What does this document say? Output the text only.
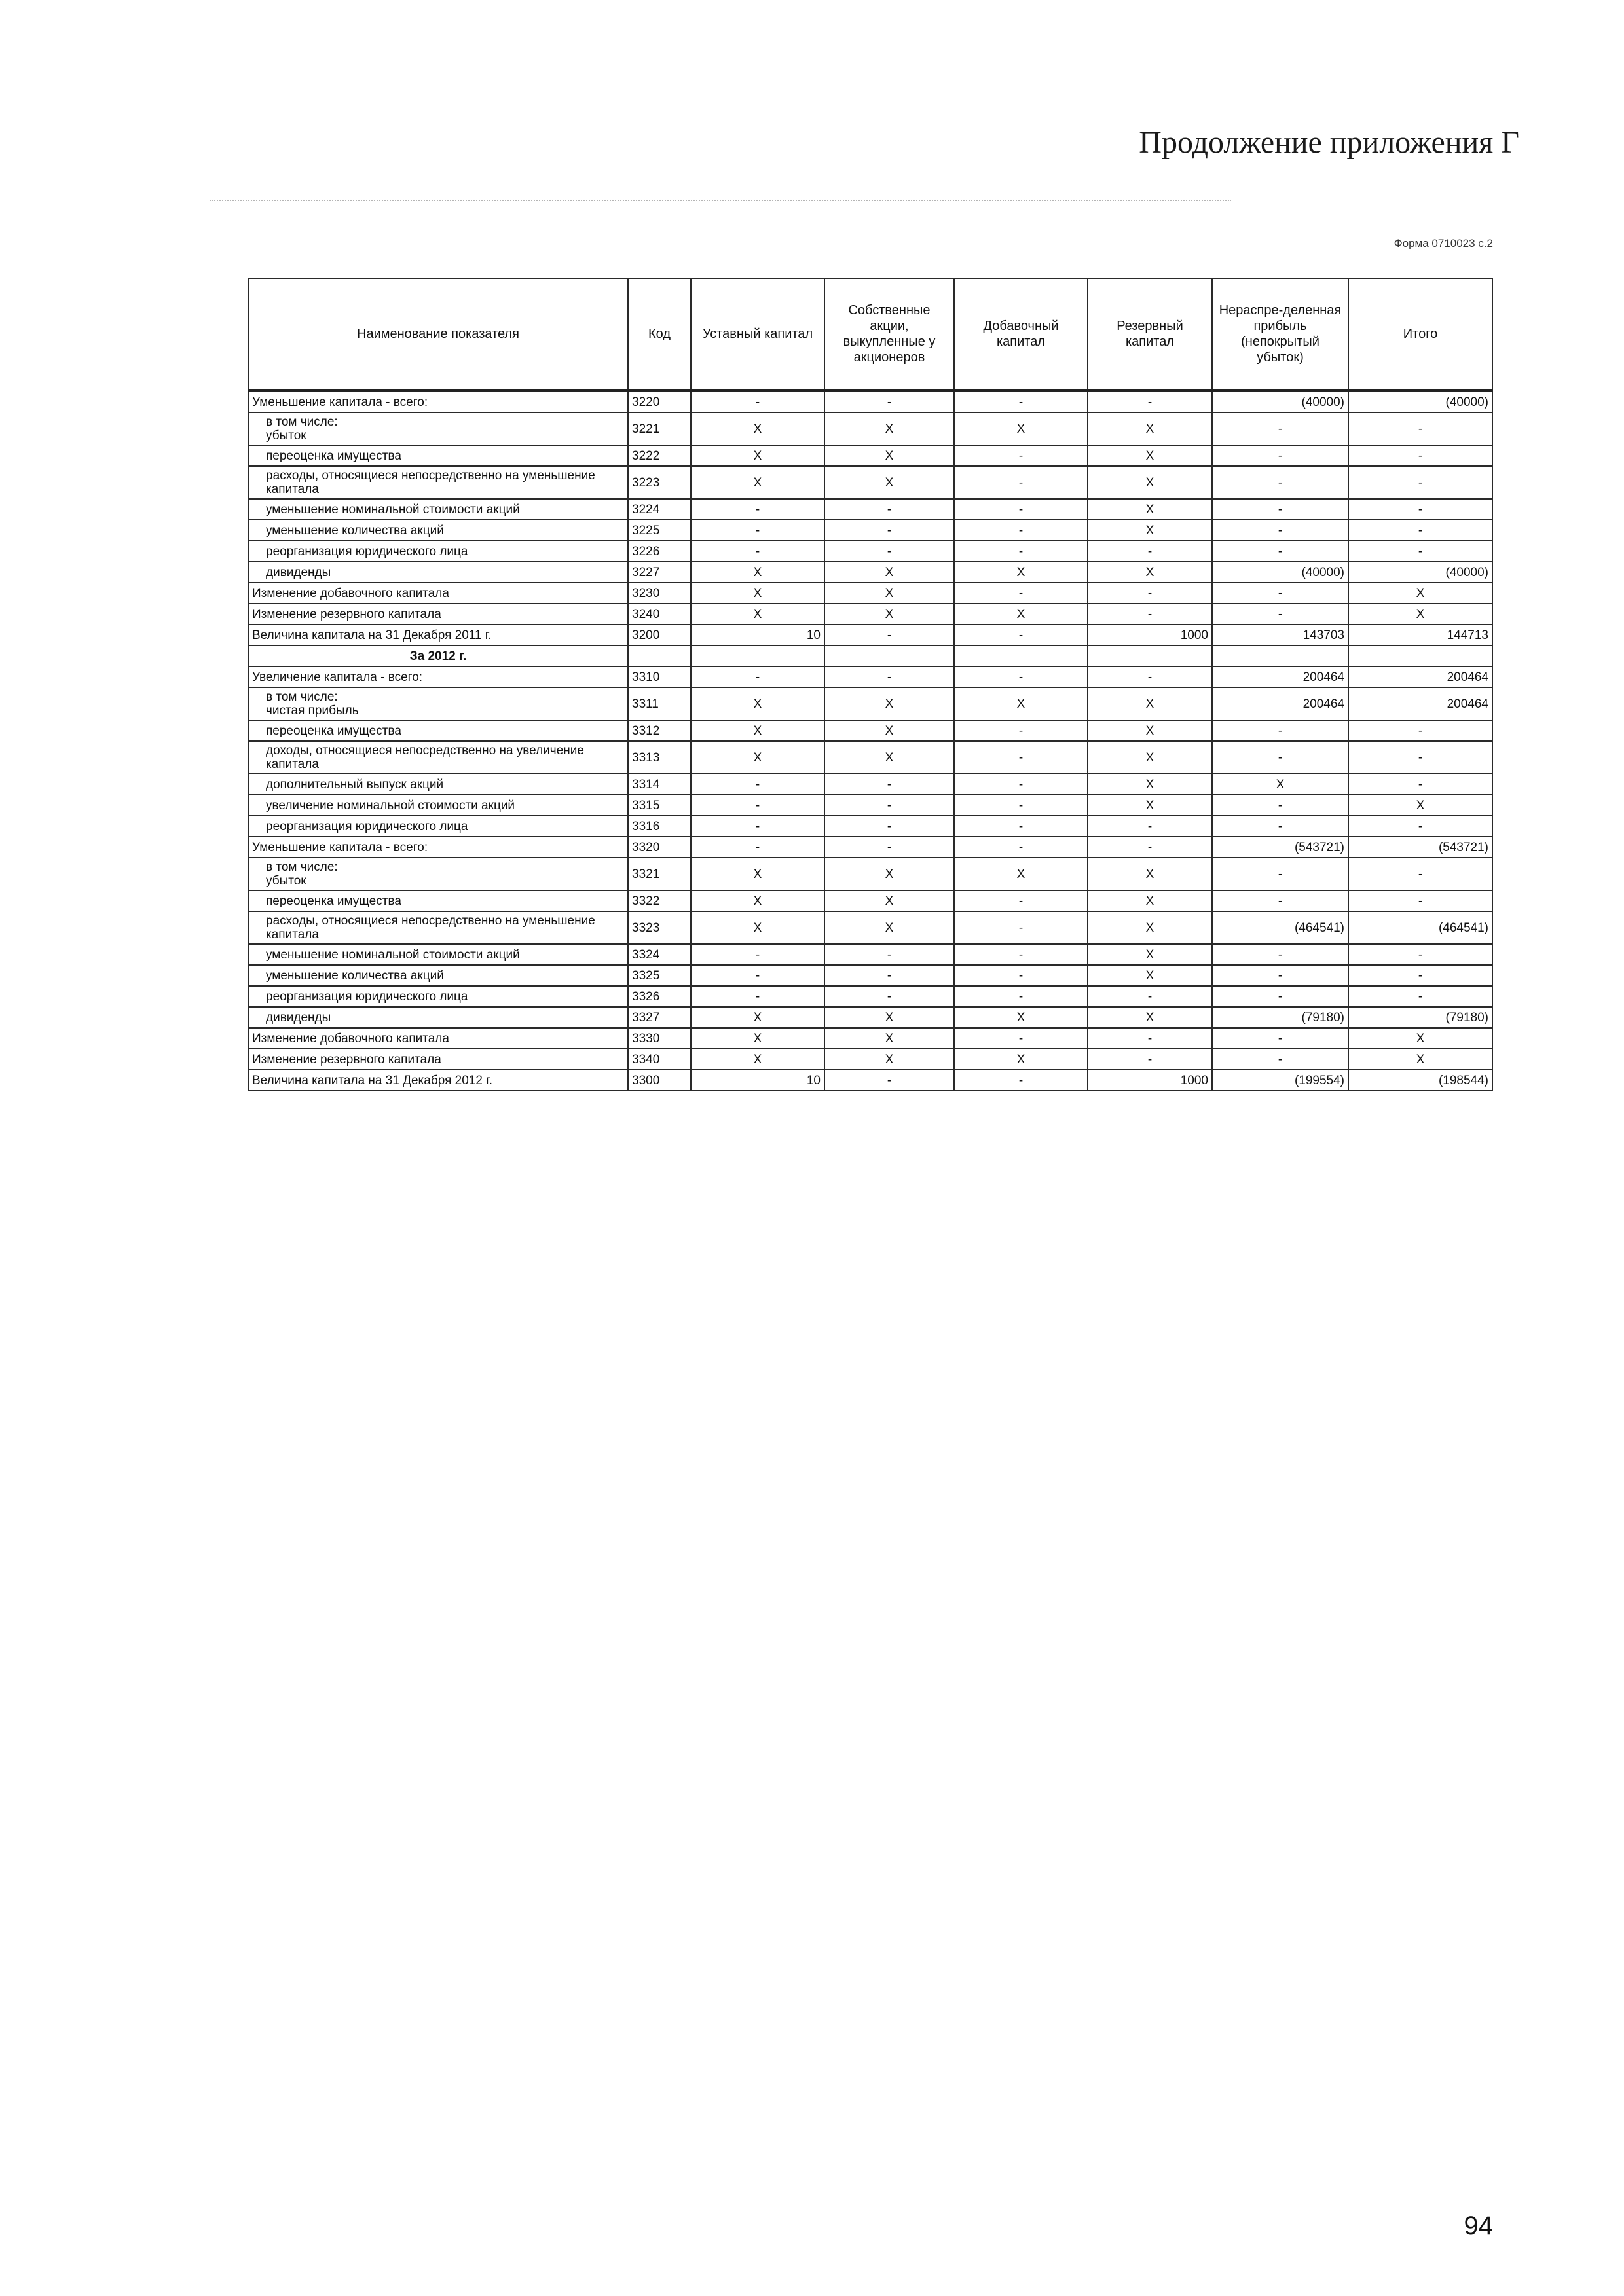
Продолжение приложения Г
Форма 0710023 с.2
Наименование показателя	Код	Уставный капитал	Собственные акции, выкупленные у акционеров	Добавочный капитал	Резервный капитал	Нераспре-деленная прибыль (непокрытый убыток)	Итого
Уменьшение капитала - всего:	3220	-	-	-	-	(40000)	(40000)
в том числе:
убыток	3221	X	X	X	X	-	-
переоценка имущества	3222	X	X	-	X	-	-
расходы, относящиеся непосредственно на уменьшение капитала	3223	X	X	-	X	-	-
уменьшение номинальной стоимости акций	3224	-	-	-	X	-	-
уменьшение количества акций	3225	-	-	-	X	-	-
реорганизация юридического лица	3226	-	-	-	-	-	-
дивиденды	3227	X	X	X	X	(40000)	(40000)
Изменение добавочного капитала	3230	X	X	-	-	-	X
Изменение резервного капитала	3240	X	X	X	-	-	X
Величина капитала на 31 Декабря 2011 г.	3200	10	-	-	1000	143703	144713
За 2012 г.							
Увеличение капитала - всего:	3310	-	-	-	-	200464	200464
в том числе:
чистая прибыль	3311	X	X	X	X	200464	200464
переоценка имущества	3312	X	X	-	X	-	-
доходы, относящиеся непосредственно на увеличение капитала	3313	X	X	-	X	-	-
дополнительный выпуск акций	3314	-	-	-	X	X	-
увеличение номинальной стоимости акций	3315	-	-	-	X	-	X
реорганизация юридического лица	3316	-	-	-	-	-	-
Уменьшение капитала - всего:	3320	-	-	-	-	(543721)	(543721)
в том числе:
убыток	3321	X	X	X	X	-	-
переоценка имущества	3322	X	X	-	X	-	-
расходы, относящиеся непосредственно на уменьшение капитала	3323	X	X	-	X	(464541)	(464541)
уменьшение номинальной стоимости акций	3324	-	-	-	X	-	-
уменьшение количества акций	3325	-	-	-	X	-	-
реорганизация юридического лица	3326	-	-	-	-	-	-
дивиденды	3327	X	X	X	X	(79180)	(79180)
Изменение добавочного капитала	3330	X	X	-	-	-	X
Изменение резервного капитала	3340	X	X	X	-	-	X
Величина капитала на 31 Декабря 2012 г.	3300	10	-	-	1000	(199554)	(198544)
94
